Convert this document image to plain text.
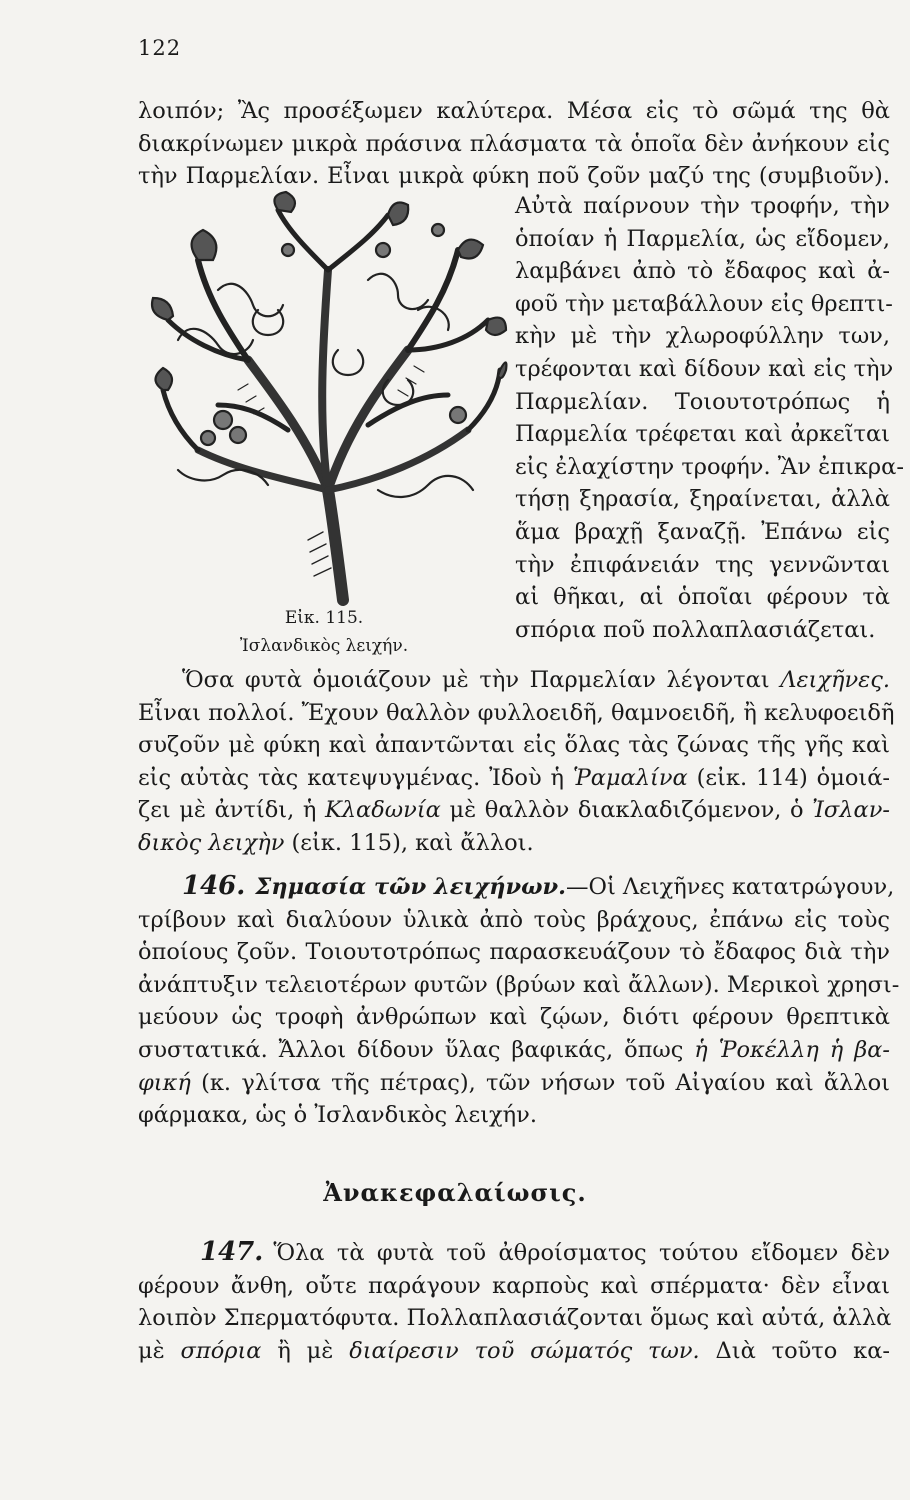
122
λοιπόν; Ἂς προσέξωμεν καλύτερα. Μέσα εἰς τὸ σῶμά της θὰ
διακρίνωμεν μικρὰ πράσινα πλάσματα τὰ ὁποῖα δὲν ἀνήκουν εἰς
τὴν Παρμελίαν. Εἶναι μικρὰ φύκη ποῦ ζοῦν μαζύ της (συμβιοῦν).
Εἰκ. 115.
Ἰσλανδικὸς λειχήν.
Αὐτὰ παίρνουν τὴν τροφήν, τὴν
ὁποίαν ἡ Παρμελία, ὡς εἴδομεν,
λαμβάνει ἀπὸ τὸ ἔδαφος καὶ ἀ-
φοῦ τὴν μεταβάλλουν εἰς θρεπτι-
κὴν μὲ τὴν χλωροφύλλην των,
τρέφονται καὶ δίδουν καὶ εἰς τὴν
Παρμελίαν. Τοιουτοτρόπως ἡ
Παρμελία τρέφεται καὶ ἀρκεῖται
εἰς ἐλαχίστην τροφήν. Ἂν ἐπικρα-
τήσῃ ξηρασία, ξηραίνεται, ἀλλὰ
ἅμα βραχῇ ξαναζῇ. Ἐπάνω εἰς
τὴν ἐπιφάνειάν της γεννῶνται
αἱ θῆκαι, αἱ ὁποῖαι φέρουν τὰ
σπόρια ποῦ πολλαπλασιάζεται.
Ὅσα φυτὰ ὁμοιάζουν μὲ τὴν Παρμελίαν λέγονται Λειχῆνες.
Εἶναι πολλοί. Ἔχουν θαλλὸν φυλλοειδῆ, θαμνοειδῆ, ἢ κελυφοειδῆ
συζοῦν μὲ φύκη καὶ ἀπαντῶνται εἰς ὅλας τὰς ζώνας τῆς γῆς καὶ
εἰς αὐτὰς τὰς κατεψυγμένας. Ἰδοὺ ἡ Ῥαμαλίνα (εἰκ. 114) ὁμοιά-
ζει μὲ ἀντίδι, ἡ Κλαδωνία μὲ θαλλὸν διακλαδιζόμενον, ὁ Ἰσλαν-
δικὸς λειχὴν (εἰκ. 115), καὶ ἄλλοι.
146. Σημασία τῶν λειχήνων.—Οἱ Λειχῆνες κατατρώγουν,
τρίβουν καὶ διαλύουν ὑλικὰ ἀπὸ τοὺς βράχους, ἐπάνω εἰς τοὺς
ὁποίους ζοῦν. Τοιουτοτρόπως παρασκευάζουν τὸ ἔδαφος διὰ τὴν
ἀνάπτυξιν τελειοτέρων φυτῶν (βρύων καὶ ἄλλων). Μερικοὶ χρησι-
μεύουν ὡς τροφὴ ἀνθρώπων καὶ ζῴων, διότι φέρουν θρεπτικὰ
συστατικά. Ἄλλοι δίδουν ὕλας βαφικάς, ὅπως ἡ Ῥοκέλλη ἡ βα-
φική (κ. γλίτσα τῆς πέτρας), τῶν νήσων τοῦ Αἰγαίου καὶ ἄλλοι
φάρμακα, ὡς ὁ Ἰσλανδικὸς λειχήν.
Ἀνακεφαλαίωσις.
147. Ὅλα τὰ φυτὰ τοῦ ἀθροίσματος τούτου εἴδομεν δὲν
φέρουν ἄνθη, οὔτε παράγουν καρποὺς καὶ σπέρματα· δὲν εἶναι
λοιπὸν Σπερματόφυτα. Πολλαπλασιάζονται ὅμως καὶ αὐτά, ἀλλὰ
μὲ σπόρια ἢ μὲ διαίρεσιν τοῦ σώματός των. Διὰ τοῦτο κα-
